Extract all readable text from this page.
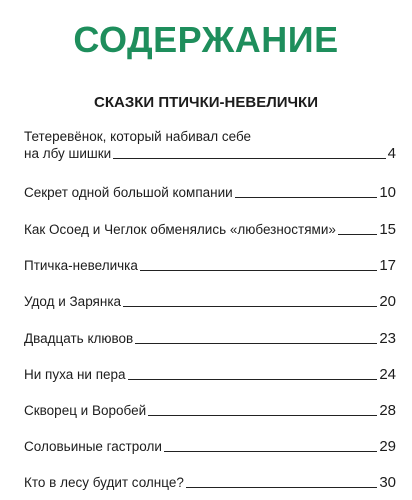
СОДЕРЖАНИЕ
СКАЗКИ ПТИЧКИ-НЕВЕЛИЧКИ
Тетеревёнок, который набивал себе
на лбу шишки	4
Секрет одной большой компании	10
Как Осоед и Чеглок обменялись «любезностями»	15
Птичка-невеличка	17
Удод и Зарянка	20
Двадцать клювов	23
Ни пуха ни пера	24
Скворец и Воробей	28
Соловьиные гастроли	29
Кто в лесу будит солнце?	30
